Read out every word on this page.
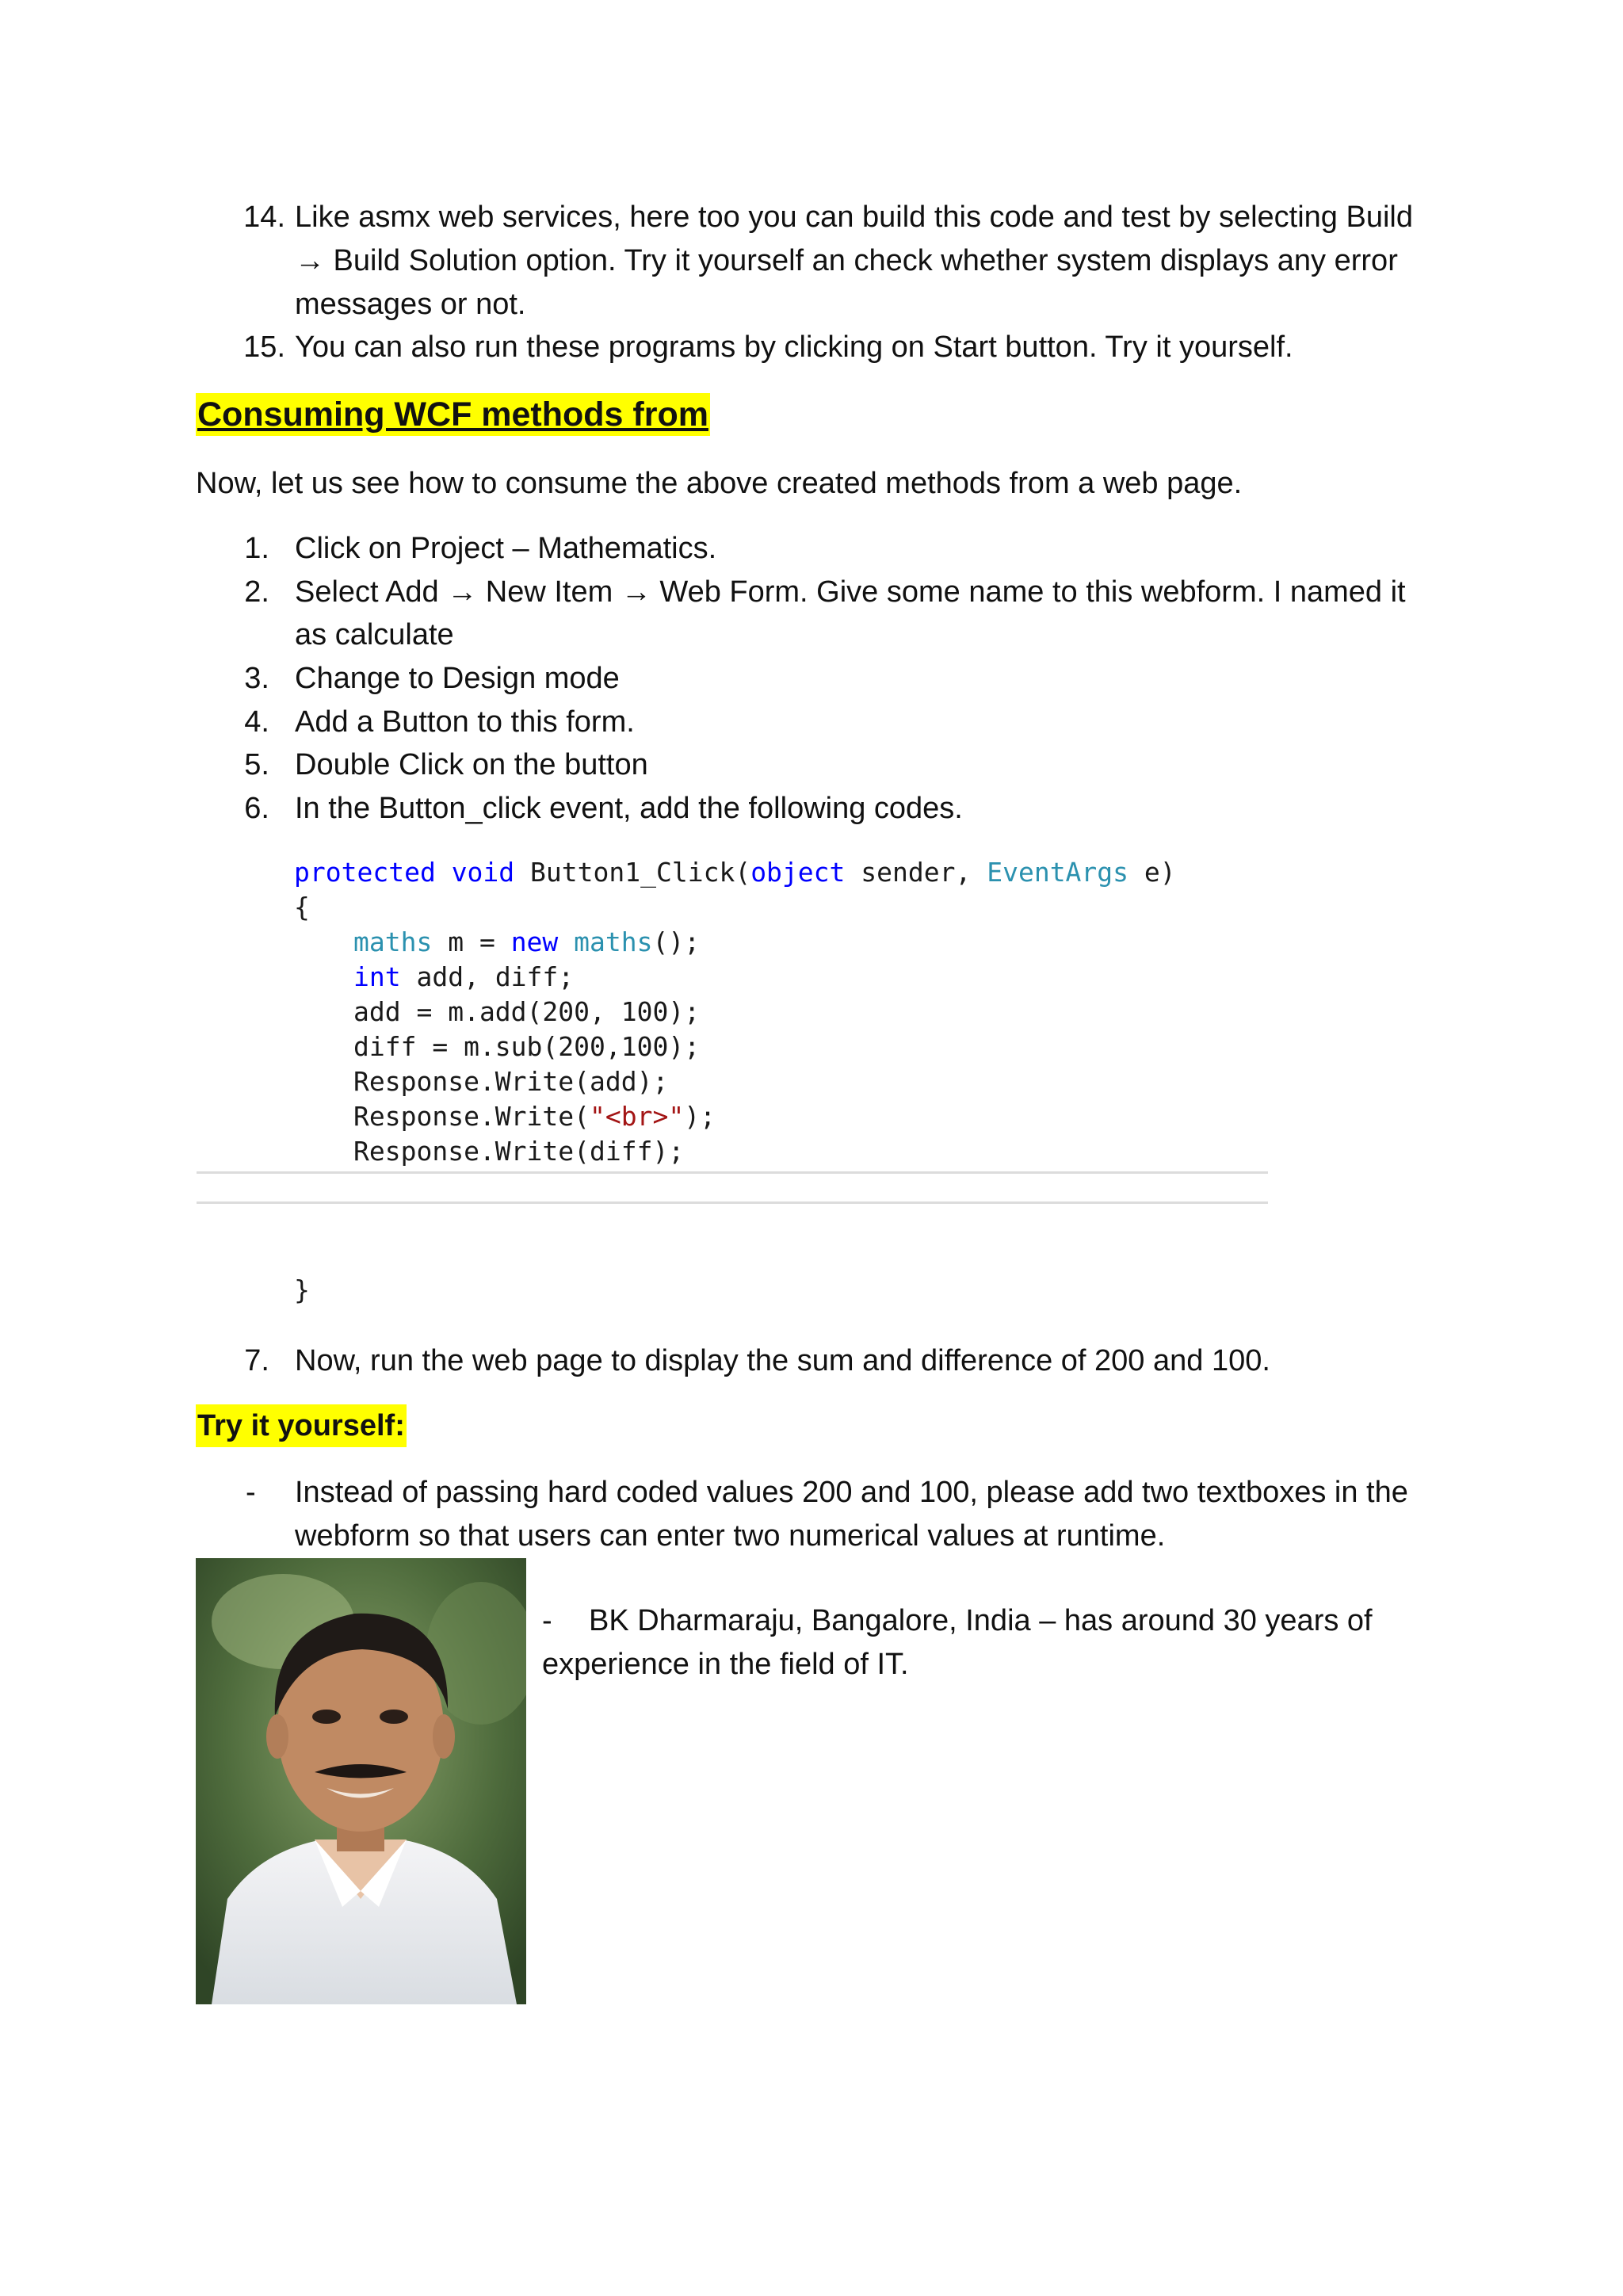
14. Like asmx web services, here too you can build this code and test by selecting Build
→ Build Solution option. Try it yourself an check whether system displays any error
messages or not.
15. You can also run these programs by clicking on Start button. Try it yourself.
Consuming WCF methods from
Now, let us see how to consume the above created methods from a web page.
1. Click on Project – Mathematics.
2. Select Add → New Item → Web Form. Give some name to this webform. I named it
as calculate
3. Change to Design mode
4. Add a Button to this form.
5. Double Click on the button
6. In the Button_click event, add the following codes.
protected void Button1_Click(object sender, EventArgs e)
{
maths m = new maths();
int add, diff;
add = m.add(200, 100);
diff = m.sub(200,100);
Response.Write(add);
Response.Write("<br>");
Response.Write(diff);
}
7. Now, run the web page to display the sum and difference of 200 and 100.
Try it yourself:
- Instead of passing hard coded values 200 and 100, please add two textboxes in the
webform so that users can enter two numerical values at runtime.
- BK Dharmaraju, Bangalore, India – has around 30 years of
experience in the field of IT.
